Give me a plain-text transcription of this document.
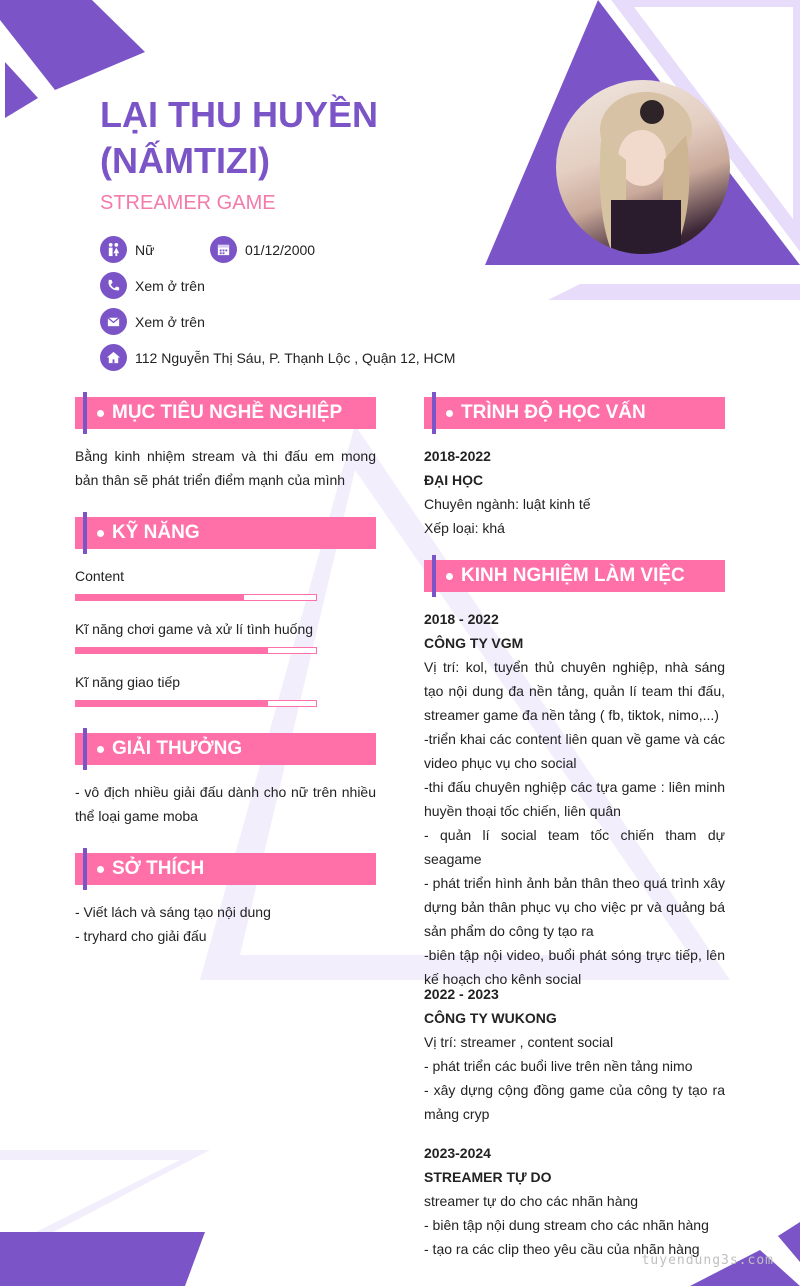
LẠI THU HUYỀN (NẤMTIZI)
STREAMER GAME
Nữ	01/12/2000
Xem ở trên
Xem ở trên
112 Nguyễn Thị Sáu, P. Thạnh Lộc , Quận 12, HCM
MỤC TIÊU NGHỀ NGHIỆP
Bằng kinh nhiệm stream và thi đấu em mong bản thân sẽ phát triển điểm mạnh của mình
KỸ NĂNG
Content
Kĩ năng chơi game và xử lí tình huống
Kĩ năng giao tiếp
GIẢI THƯỞNG
- vô địch nhiều giải đấu dành cho nữ trên nhiều thể loại game moba
SỞ THÍCH
- Viết lách và sáng tạo nội dung
- tryhard cho giải đấu
TRÌNH ĐỘ HỌC VẤN
2018-2022
ĐẠI HỌC
Chuyên ngành: luật kinh tế
Xếp loại: khá
KINH NGHIỆM LÀM VIỆC
2018 - 2022
CÔNG TY VGM
Vị trí: kol, tuyển thủ chuyên nghiệp, nhà sáng tạo nội dung đa nền tảng, quản lí team thi đấu, streamer game đa nền tảng ( fb, tiktok, nimo,...)
-triển khai các content liên quan về game và các video phục vụ cho social
-thi đấu chuyên nghiệp các tựa game : liên minh huyền thoại tốc chiến, liên quân
- quản lí social team tốc chiến tham dự seagame
- phát triển hình ảnh bản thân theo quá trình xây dựng bản thân phục vụ cho việc pr và quảng bá sản phẩm do công ty tạo ra
-biên tập nội video, buổi phát sóng trực tiếp, lên kế hoạch cho kênh social
2022 - 2023
CÔNG TY WUKONG
Vị trí: streamer , content social
- phát triển các buổi live trên nền tảng nimo
- xây dựng cộng đồng game của công ty tạo ra mảng cryp
2023-2024
STREAMER TỰ DO
streamer tự do cho các nhãn hàng
- biên tập nội dung stream cho các nhãn hàng
- tạo ra các clip theo yêu cầu của nhãn hàng
tuyendung3s.com
